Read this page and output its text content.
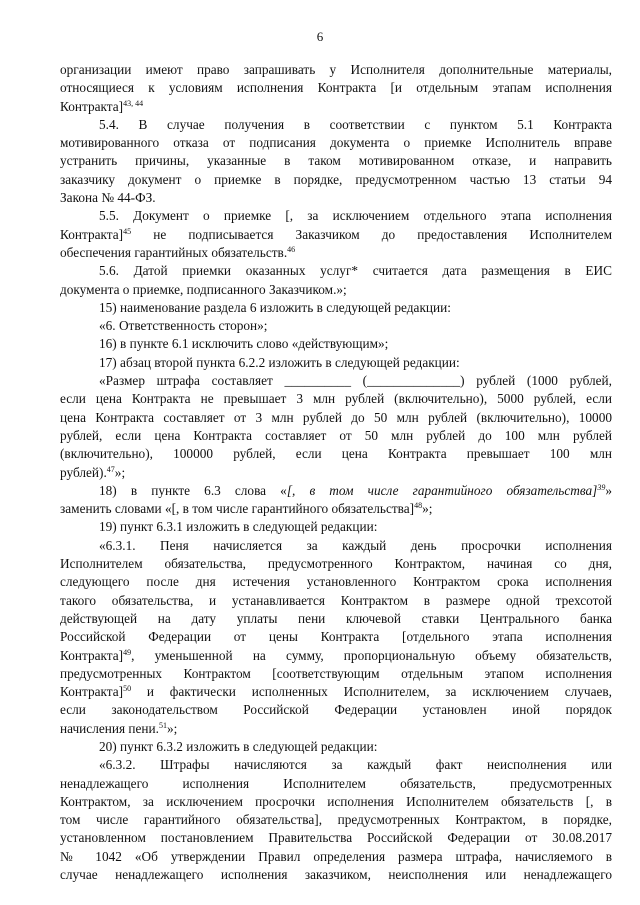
6
организации имеют право запрашивать у Исполнителя дополнительные материалы,
относящиеся к условиям исполнения Контракта [и отдельным этапам исполнения
Контракта]$^{43, 44}$
5.4. В случае получения в соответствии с пунктом 5.1 Контракта
мотивированного отказа от подписания документа о приемке Исполнитель вправе
устранить причины, указанные в таком мотивированном отказе, и направить
заказчику документ о приемке в порядке, предусмотренном частью 13 статьи 94
Закона № 44-ФЗ.
5.5. Документ о приемке [, за исключением отдельного этапа исполнения
Контракта]$^{45}$ не подписывается Заказчиком до предоставления Исполнителем
обеспечения гарантийных обязательств.$^{46}$
5.6. Датой приемки оказанных услуг* считается дата размещения в ЕИС
документа о приемке, подписанного Заказчиком.»;
15) наименование раздела 6 изложить в следующей редакции:
«6. Ответственность сторон»;
16) в пункте 6.1 исключить слово «действующим»;
17) абзац второй пункта 6.2.2 изложить в следующей редакции:
«Размер штрафа составляет __________ (______________) рублей (1000 рублей,
если цена Контракта не превышает 3 млн рублей (включительно), 5000 рублей, если
цена Контракта составляет от 3 млн рублей до 50 млн рублей (включительно), 10000
рублей, если цена Контракта составляет от 50 млн рублей до 100 млн рублей
(включительно), 100000 рублей, если цена Контракта превышает 100 млн
рублей).$^{47}$»;
18) в пункте 6.3 слова «[, в том числе гарантийного обязательства]$^{39}$»
заменить словами «[, в том числе гарантийного обязательства]$^{48}$»;
19) пункт 6.3.1 изложить в следующей редакции:
«6.3.1. Пеня начисляется за каждый день просрочки исполнения
Исполнителем обязательства, предусмотренного Контрактом, начиная со дня,
следующего после дня истечения установленного Контрактом срока исполнения
такого обязательства, и устанавливается Контрактом в размере одной трехсотой
действующей на дату уплаты пени ключевой ставки Центрального банка
Российской Федерации от цены Контракта [отдельного этапа исполнения
Контракта]$^{49}$, уменьшенной на сумму, пропорциональную объему обязательств,
предусмотренных Контрактом [соответствующим отдельным этапом исполнения
Контракта]$^{50}$ и фактически исполненных Исполнителем, за исключением случаев,
если законодательством Российской Федерации установлен иной порядок
начисления пени.$^{51}$»;
20) пункт 6.3.2 изложить в следующей редакции:
«6.3.2. Штрафы начисляются за каждый факт неисполнения или
ненадлежащего исполнения Исполнителем обязательств, предусмотренных
Контрактом, за исключением просрочки исполнения Исполнителем обязательств [, в
том числе гарантийного обязательства], предусмотренных Контрактом, в порядке,
установленном постановлением Правительства Российской Федерации от 30.08.2017
№ 1042 «Об утверждении Правил определения размера штрафа, начисляемого в
случае ненадлежащего исполнения заказчиком, неисполнения или ненадлежащего
